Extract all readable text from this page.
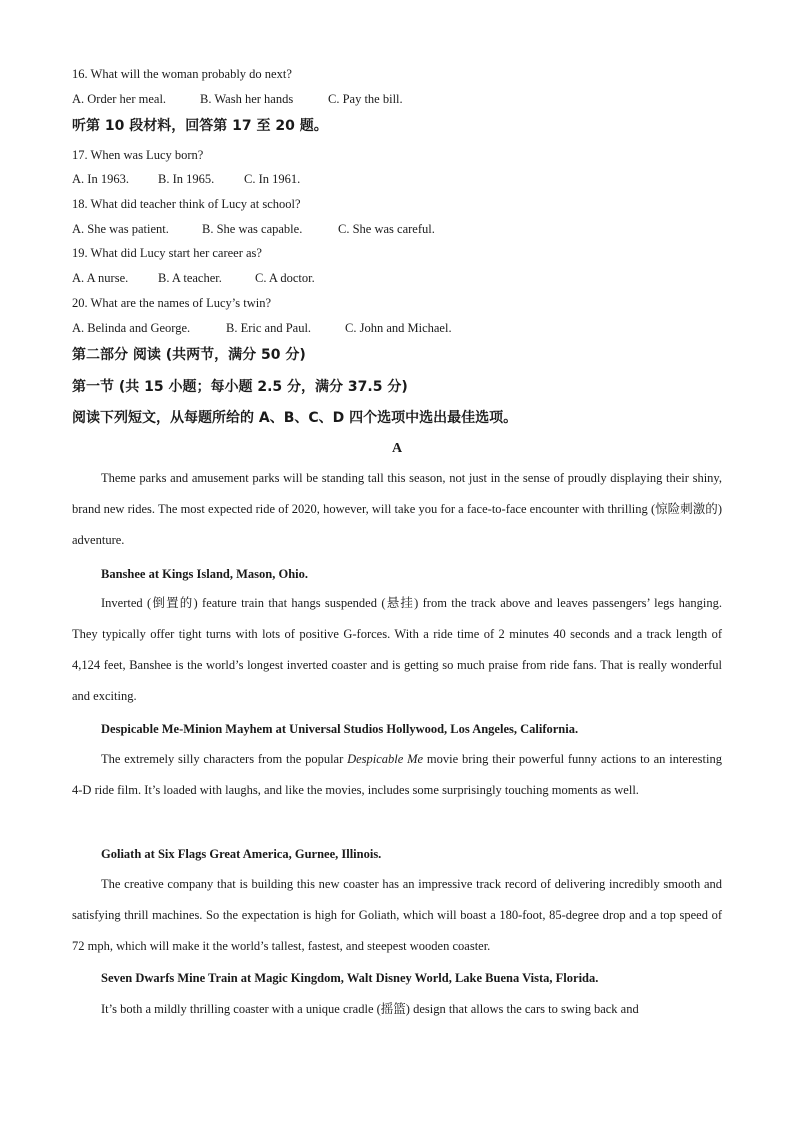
16. What will the woman probably do next?
A. Order her meal.	B. Wash her hands	C. Pay the bill.
听第 10 段材料，回答第 17 至 20 题。
17. When was Lucy born?
A. In 1963. B. In 1965. C. In 1961.
18. What did teacher think of Lucy at school?
A. She was patient.	B. She was capable.	C. She was careful.
19. What did Lucy start her career as?
A. A nurse. B. A teacher.	C. A doctor.
20. What are the names of Lucy’s twin?
A. Belinda and George.	B. Eric and Paul.	C. John and Michael.
第二部分 阅读 (共两节，满分 50 分)
第一节 (共 15 小题；每小题 2.5 分，满分 37.5 分)
阅读下列短文，从每题所给的 A、B、C、D 四个选项中选出最佳选项。
A
Theme parks and amusement parks will be standing tall this season, not just in the sense of proudly displaying their shiny, brand new rides. The most expected ride of 2020, however, will take you for a face-to-face encounter with thrilling (惊险刺激的) adventure.
Banshee at Kings Island, Mason, Ohio.
Inverted (倒置的) feature train that hangs suspended (悬挂) from the track above and leaves passengers’ legs hanging. They typically offer tight turns with lots of positive G-forces. With a ride time of 2 minutes 40 seconds and a track length of 4,124 feet, Banshee is the world’s longest inverted coaster and is getting so much praise from ride fans. That is really wonderful and exciting.
Despicable Me-Minion Mayhem at Universal Studios Hollywood, Los Angeles, California.
The extremely silly characters from the popular Despicable Me movie bring their powerful funny actions to an interesting 4-D ride film. It’s loaded with laughs, and like the movies, includes some surprisingly touching moments as well.
Goliath at Six Flags Great America, Gurnee, Illinois.
The creative company that is building this new coaster has an impressive track record of delivering incredibly smooth and satisfying thrill machines. So the expectation is high for Goliath, which will boast a 180-foot, 85-degree drop and a top speed of 72 mph, which will make it the world’s tallest, fastest, and steepest wooden coaster.
Seven Dwarfs Mine Train at Magic Kingdom, Walt Disney World, Lake Buena Vista, Florida.
It’s both a mildly thrilling coaster with a unique cradle (摇篮) design that allows the cars to swing back and
